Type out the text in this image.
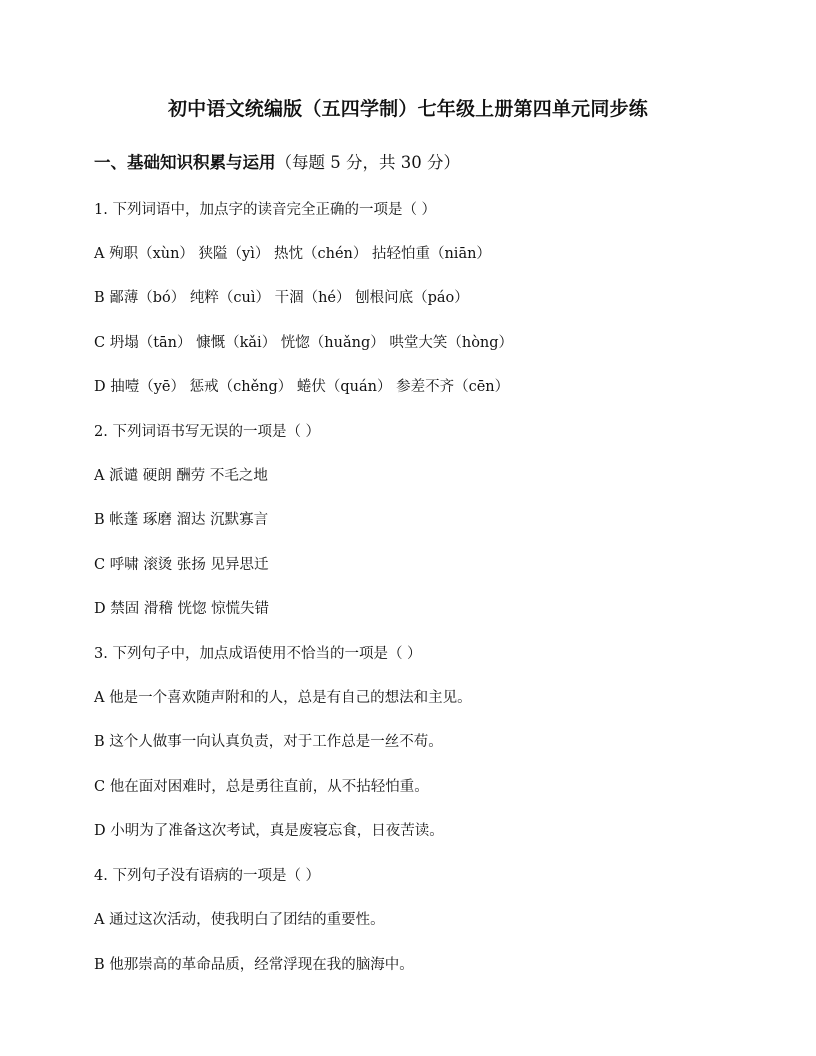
初中语文统编版（五四学制）七年级上册第四单元同步练
一、基础知识积累与运用（每题 5 分，共 30 分）
1. 下列词语中，加点字的读音完全正确的一项是（ ）
A 殉职（xùn） 狭隘（yì） 热忱（chén） 拈轻怕重（niān）
B 鄙薄（bó） 纯粹（cuì） 干涸（hé） 刨根问底（páo）
C 坍塌（tān） 慷慨（kǎi） 恍惚（huǎng） 哄堂大笑（hòng）
D 抽噎（yē） 惩戒（chěng） 蜷伏（quán） 参差不齐（cēn）
2. 下列词语书写无误的一项是（ ）
A 派谴 硬朗 酬劳 不毛之地
B 帐蓬 琢磨 溜达 沉默寡言
C 呼啸 滚烫 张扬 见异思迁
D 禁固 滑稽 恍惚 惊慌失错
3. 下列句子中，加点成语使用不恰当的一项是（ ）
A 他是一个喜欢随声附和的人，总是有自己的想法和主见。
B 这个人做事一向认真负责，对于工作总是一丝不苟。
C 他在面对困难时，总是勇往直前，从不拈轻怕重。
D 小明为了准备这次考试，真是废寝忘食，日夜苦读。
4. 下列句子没有语病的一项是（ ）
A 通过这次活动，使我明白了团结的重要性。
B 他那崇高的革命品质，经常浮现在我的脑海中。
